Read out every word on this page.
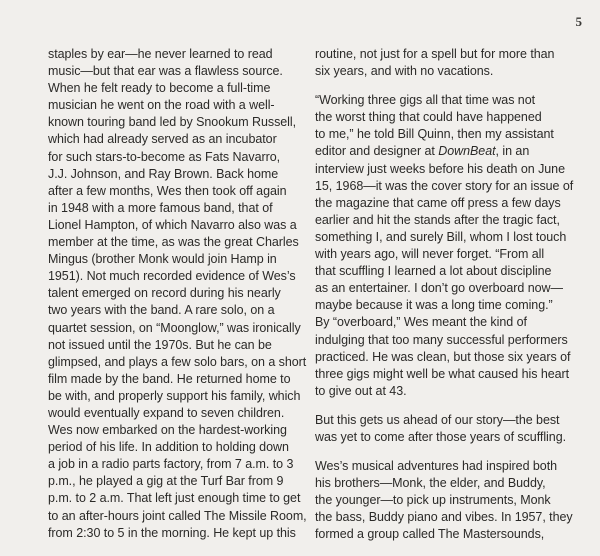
5

staples by ear—he never learned to read
music—but that ear was a flawless source.
When he felt ready to become a full-time
musician he went on the road with a well-
known touring band led by Snookum Russell,
which had already served as an incubator
for such stars-to-become as Fats Navarro,
J.J. Johnson, and Ray Brown. Back home
after a few months, Wes then took off again
in 1948 with a more famous band, that of
Lionel Hampton, of which Navarro also was a
member at the time, as was the great Charles
Mingus (brother Monk would join Hamp in
1951). Not much recorded evidence of Wes’s
talent emerged on record during his nearly
two years with the band. A rare solo, on a
quartet session, on “Moonglow,” was ironically
not issued until the 1970s. But he can be
glimpsed, and plays a few solo bars, on a short
film made by the band. He returned home to
be with, and properly support his family, which
would eventually expand to seven children.
Wes now embarked on the hardest-working
period of his life. In addition to holding down
a job in a radio parts factory, from 7 a.m. to 3
p.m., he played a gig at the Turf Bar from 9
p.m. to 2 a.m. That left just enough time to get
to an after-hours joint called The Missile Room,
from 2:30 to 5 in the morning. He kept up this

routine, not just for a spell but for more than
six years, and with no vacations.

“Working three gigs all that time was not
the worst thing that could have happened
to me,” he told Bill Quinn, then my assistant
editor and designer at DownBeat, in an
interview just weeks before his death on June
15, 1968—it was the cover story for an issue of
the magazine that came off press a few days
earlier and hit the stands after the tragic fact,
something I, and surely Bill, whom I lost touch
with years ago, will never forget. “From all
that scuffling I learned a lot about discipline
as an entertainer. I don’t go overboard now—
maybe because it was a long time coming.”
By “overboard,” Wes meant the kind of
indulging that too many successful performers
practiced. He was clean, but those six years of
three gigs might well be what caused his heart
to give out at 43.

But this gets us ahead of our story—the best
was yet to come after those years of scuffling.

Wes’s musical adventures had inspired both
his brothers—Monk, the elder, and Buddy,
the younger—to pick up instruments, Monk
the bass, Buddy piano and vibes. In 1957, they
formed a group called The Mastersounds,
